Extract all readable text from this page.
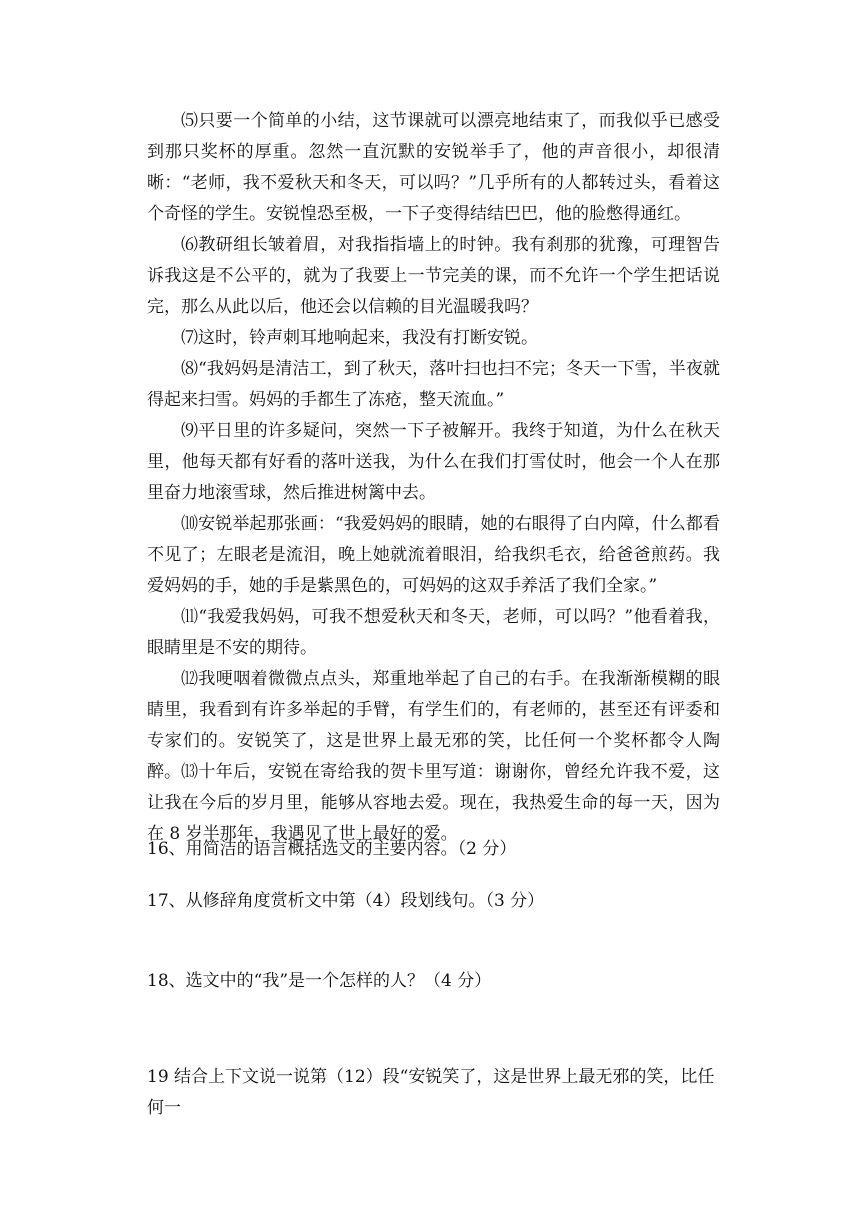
⑸只要一个简单的小结，这节课就可以漂亮地结束了，而我似乎已感受到那只奖杯的厚重。忽然一直沉默的安锐举手了，他的声音很小，却很清晰：“老师，我不爱秋天和冬天，可以吗？”几乎所有的人都转过头，看着这个奇怪的学生。安锐惶恐至极，一下子变得结结巴巴，他的脸憋得通红。

⑹教研组长皱着眉，对我指指墙上的时钟。我有刹那的犹豫，可理智告诉我这是不公平的，就为了我要上一节完美的课，而不允许一个学生把话说完，那么从此以后，他还会以信赖的目光温暖我吗？

⑺这时，铃声刺耳地响起来，我没有打断安锐。

⑻“我妈妈是清洁工，到了秋天，落叶扫也扫不完；冬天一下雪，半夜就得起来扫雪。妈妈的手都生了冻疮，整天流血。”

⑼平日里的许多疑问，突然一下子被解开。我终于知道，为什么在秋天里，他每天都有好看的落叶送我，为什么在我们打雪仗时，他会一个人在那里奋力地滚雪球，然后推进树篱中去。

⑽安锐举起那张画：“我爱妈妈的眼睛，她的右眼得了白内障，什么都看不见了；左眼老是流泪，晚上她就流着眼泪，给我织毛衣，给爸爸煎药。我爱妈妈的手，她的手是紫黑色的，可妈妈的这双手养活了我们全家。”

⑾“我爱我妈妈，可我不想爱秋天和冬天，老师，可以吗？”他看着我，眼睛里是不安的期待。

⑿我哽咽着微微点点头，郑重地举起了自己的右手。在我渐渐模糊的眼睛里，我看到有许多举起的手臂，有学生们的，有老师的，甚至还有评委和专家们的。安锐笑了，这是世界上最无邪的笑，比任何一个奖杯都令人陶醉。 ⒀十年后，安锐在寄给我的贺卡里写道：谢谢你，曾经允许我不爱，这让我在今后的岁月里，能够从容地去爱。现在，我热爱生命的每一天，因为在 8 岁半那年，我遇见了世上最好的爱。

16、用简洁的语言概括选文的主要内容。（2 分）

17、从修辞角度赏析文中第（4）段划线句。（3 分）

18、选文中的“我”是一个怎样的人？（4 分）

19 结合上下文说一说第（12）段“安锐笑了，这是世界上最无邪的笑，比任何一
